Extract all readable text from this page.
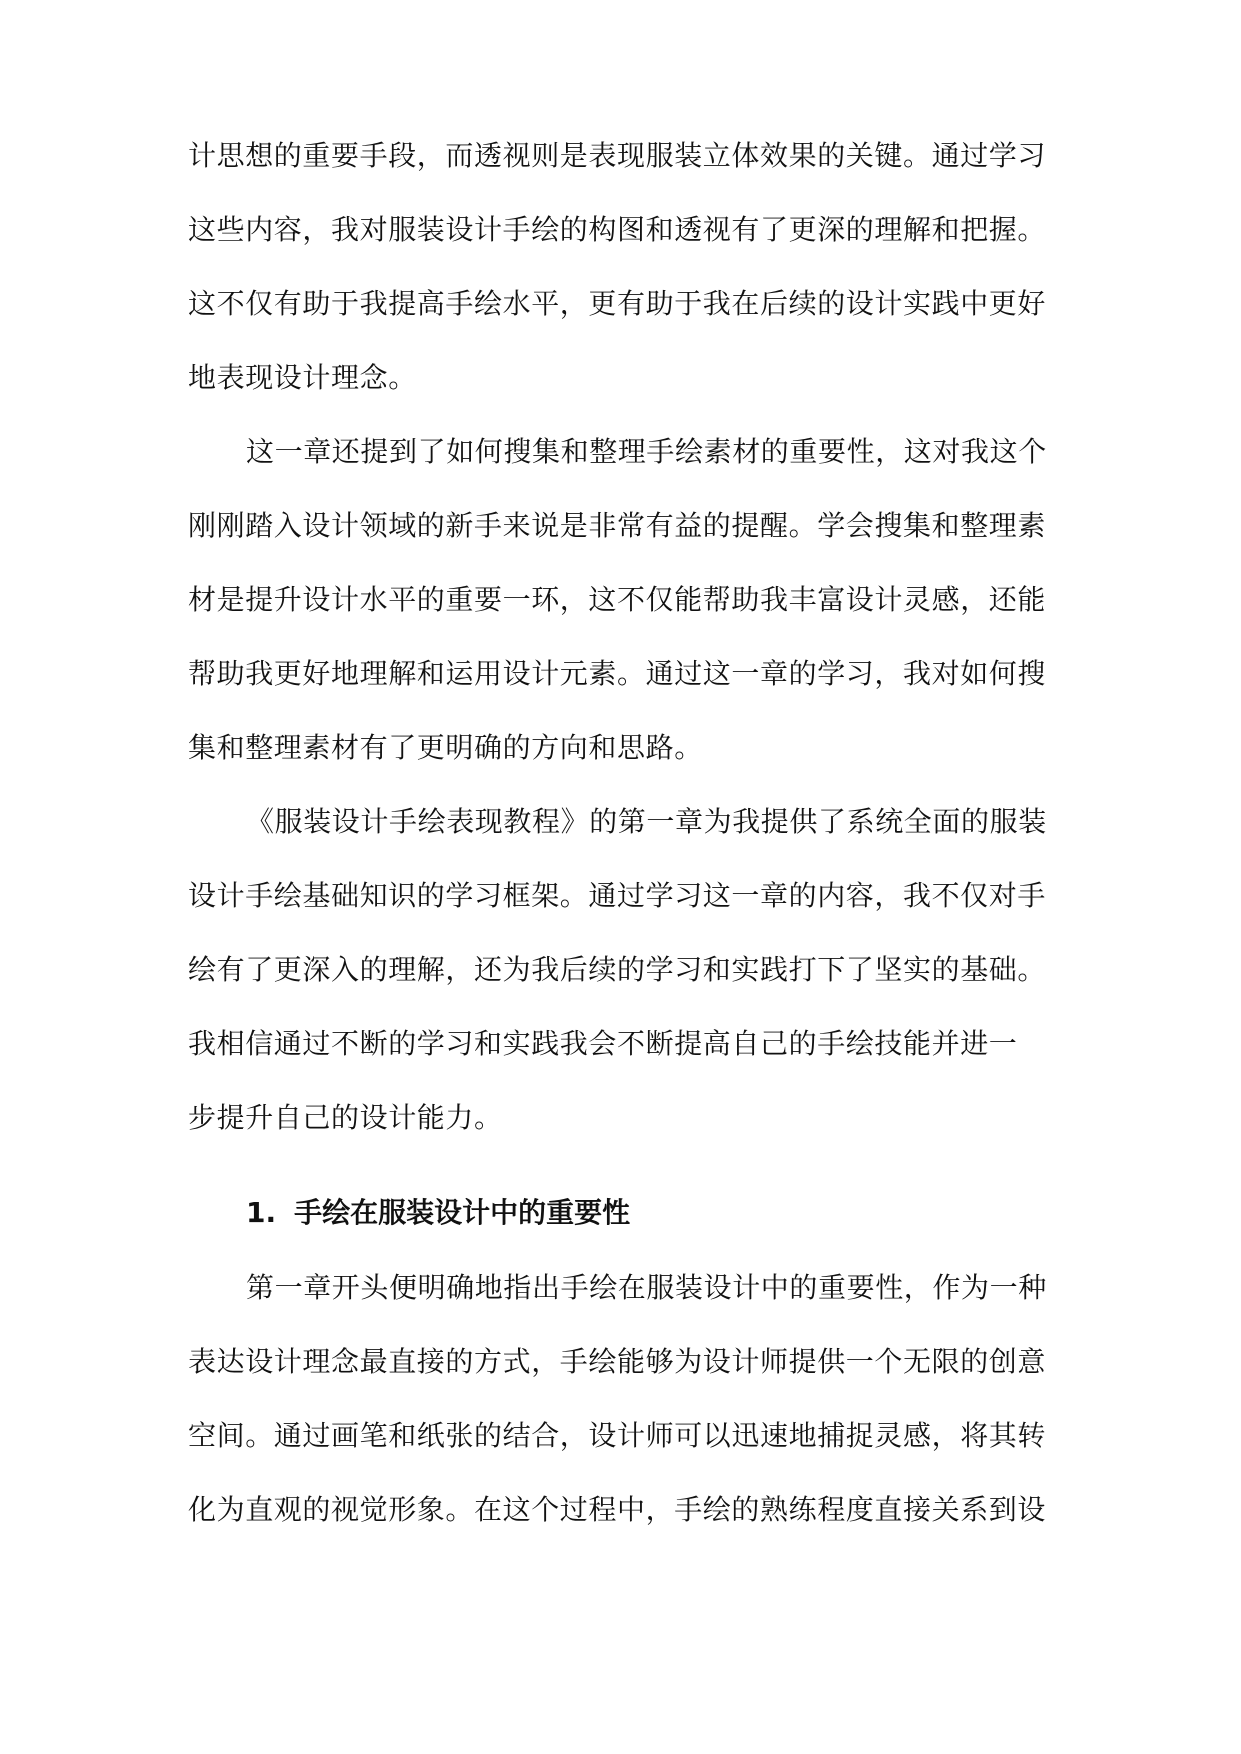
计思想的重要手段，而透视则是表现服装立体效果的关键。通过学习
这些内容，我对服装设计手绘的构图和透视有了更深的理解和把握。
这不仅有助于我提高手绘水平，更有助于我在后续的设计实践中更好
地表现设计理念。
这一章还提到了如何搜集和整理手绘素材的重要性，这对我这个
刚刚踏入设计领域的新手来说是非常有益的提醒。学会搜集和整理素
材是提升设计水平的重要一环，这不仅能帮助我丰富设计灵感，还能
帮助我更好地理解和运用设计元素。通过这一章的学习，我对如何搜
集和整理素材有了更明确的方向和思路。
《服装设计手绘表现教程》的第一章为我提供了系统全面的服装
设计手绘基础知识的学习框架。通过学习这一章的内容，我不仅对手
绘有了更深入的理解，还为我后续的学习和实践打下了坚实的基础。
我相信通过不断的学习和实践我会不断提高自己的手绘技能并进一
步提升自己的设计能力。
1. 手绘在服装设计中的重要性
第一章开头便明确地指出手绘在服装设计中的重要性，作为一种
表达设计理念最直接的方式，手绘能够为设计师提供一个无限的创意
空间。通过画笔和纸张的结合，设计师可以迅速地捕捉灵感，将其转
化为直观的视觉形象。在这个过程中，手绘的熟练程度直接关系到设
